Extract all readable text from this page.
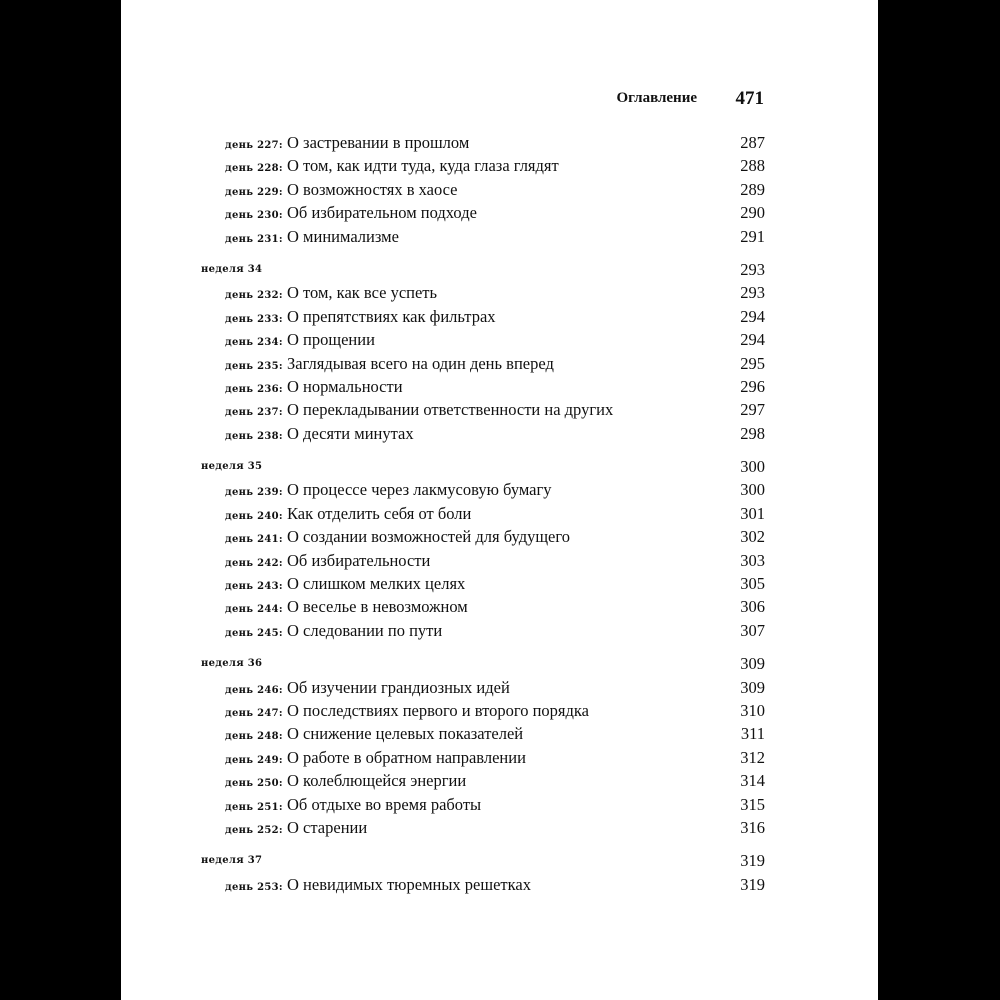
Оглавление 471
день 227: О застревании в прошлом	287
день 228: О том, как идти туда, куда глаза глядят	288
день 229: О возможностях в хаосе	289
день 230: Об избирательном подходе	290
день 231: О минимализме	291
неделя 34	293
день 232: О том, как все успеть	293
день 233: О препятствиях как фильтрах	294
день 234: О прощении	294
день 235: Заглядывая всего на один день вперед	295
день 236: О нормальности	296
день 237: О перекладывании ответственности на других	297
день 238: О десяти минутах	298
неделя 35	300
день 239: О процессе через лакмусовую бумагу	300
день 240: Как отделить себя от боли	301
день 241: О создании возможностей для будущего	302
день 242: Об избирательности	303
день 243: О слишком мелких целях	305
день 244: О веселье в невозможном	306
день 245: О следовании по пути	307
неделя 36	309
день 246: Об изучении грандиозных идей	309
день 247: О последствиях первого и второго порядка	310
день 248: О снижение целевых показателей	311
день 249: О работе в обратном направлении	312
день 250: О колеблющейся энергии	314
день 251: Об отдыхе во время работы	315
день 252: О старении	316
неделя 37	319
день 253: О невидимых тюремных решетках	319
